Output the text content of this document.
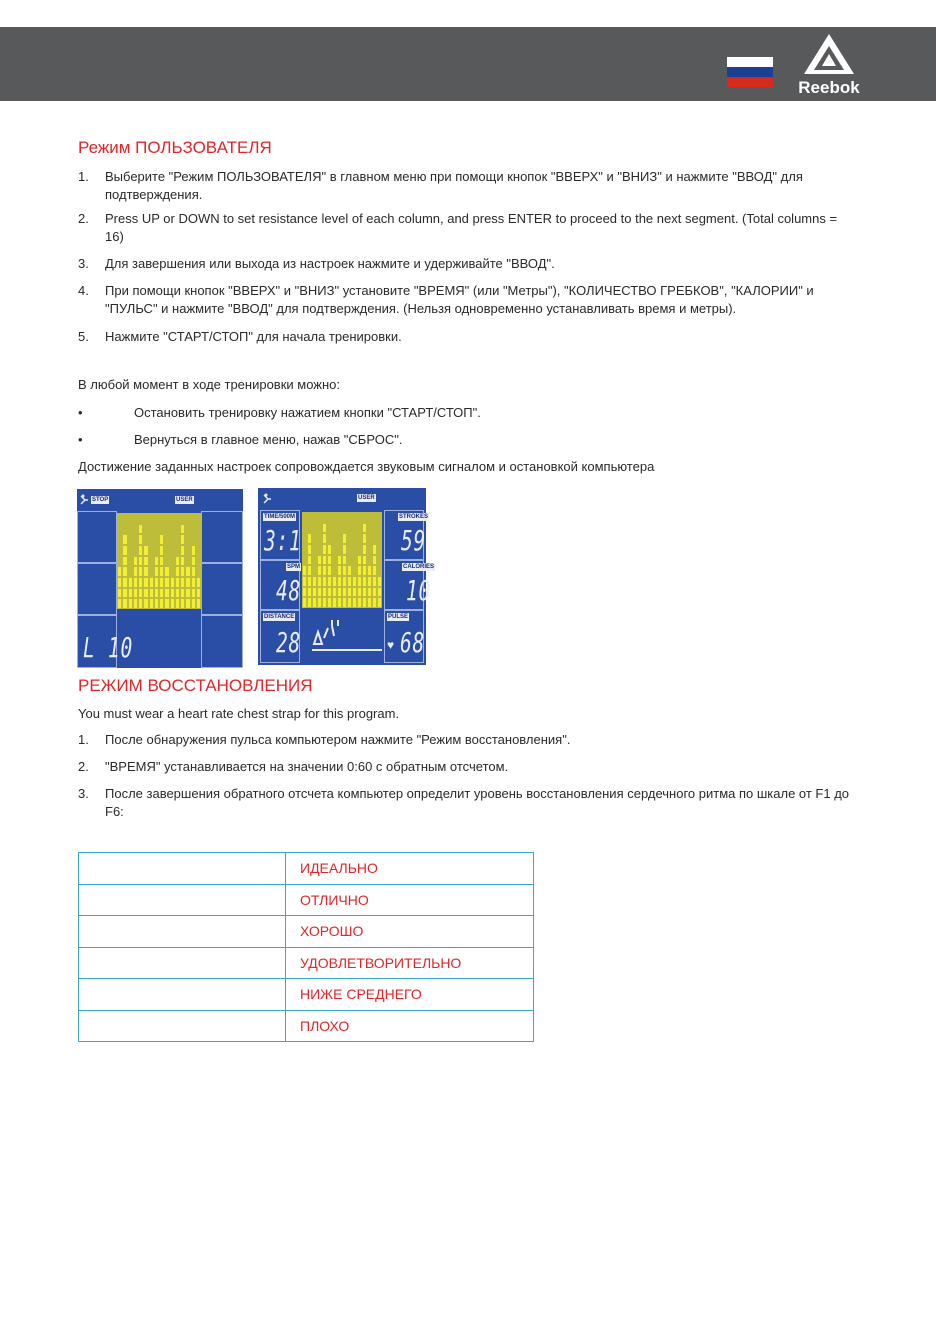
Reebok
Режим ПОЛЬЗОВАТЕЛЯ
1. Выберите "Режим ПОЛЬЗОВАТЕЛЯ" в главном меню при помощи кнопок "ВВЕРХ" и "ВНИЗ" и нажмите "ВВОД" для подтверждения.
2. Press UP or DOWN to set resistance level of each column, and press ENTER to proceed to the next segment. (Total columns = 16)
3. Для завершения или выхода из настроек нажмите и удерживайте "ВВОД".
4. При помощи кнопок "ВВЕРХ" и "ВНИЗ" установите "ВРЕМЯ" (или "Метры"), "КОЛИЧЕСТВО ГРЕБКОВ", "КАЛОРИИ" и "ПУЛЬС" и нажмите "ВВОД" для подтверждения. (Нельзя одновременно устанавливать время и метры).
5. Нажмите "СТАРТ/СТОП" для начала тренировки.
В любой момент в ходе тренировки можно:
•	Остановить тренировку нажатием кнопки "СТАРТ/СТОП".
•	Вернуться в главное меню, нажав "СБРОС".
Достижение заданных настроек сопровождается звуковым сигналом и остановкой компьютера
STOP	USER
L 10
USER
TIME/500M
3:1
SPM
48
DISTANCE
28
STROKES
59
CALORIES
10
PULSE
♥ 68
РЕЖИМ ВОССТАНОВЛЕНИЯ
You must wear a heart rate chest strap for this program.
1. После обнаружения пульса компьютером нажмите "Режим восстановления".
2. "ВРЕМЯ" устанавливается на значении 0:60 с обратным отсчетом.
3. После завершения обратного отсчета компьютер определит уровень восстановления сердечного ритма по шкале от F1 до F6:
	ИДЕАЛЬНО
	ОТЛИЧНО
	ХОРОШО
	УДОВЛЕТВОРИТЕЛЬНО
	НИЖЕ СРЕДНЕГО
	ПЛОХО
